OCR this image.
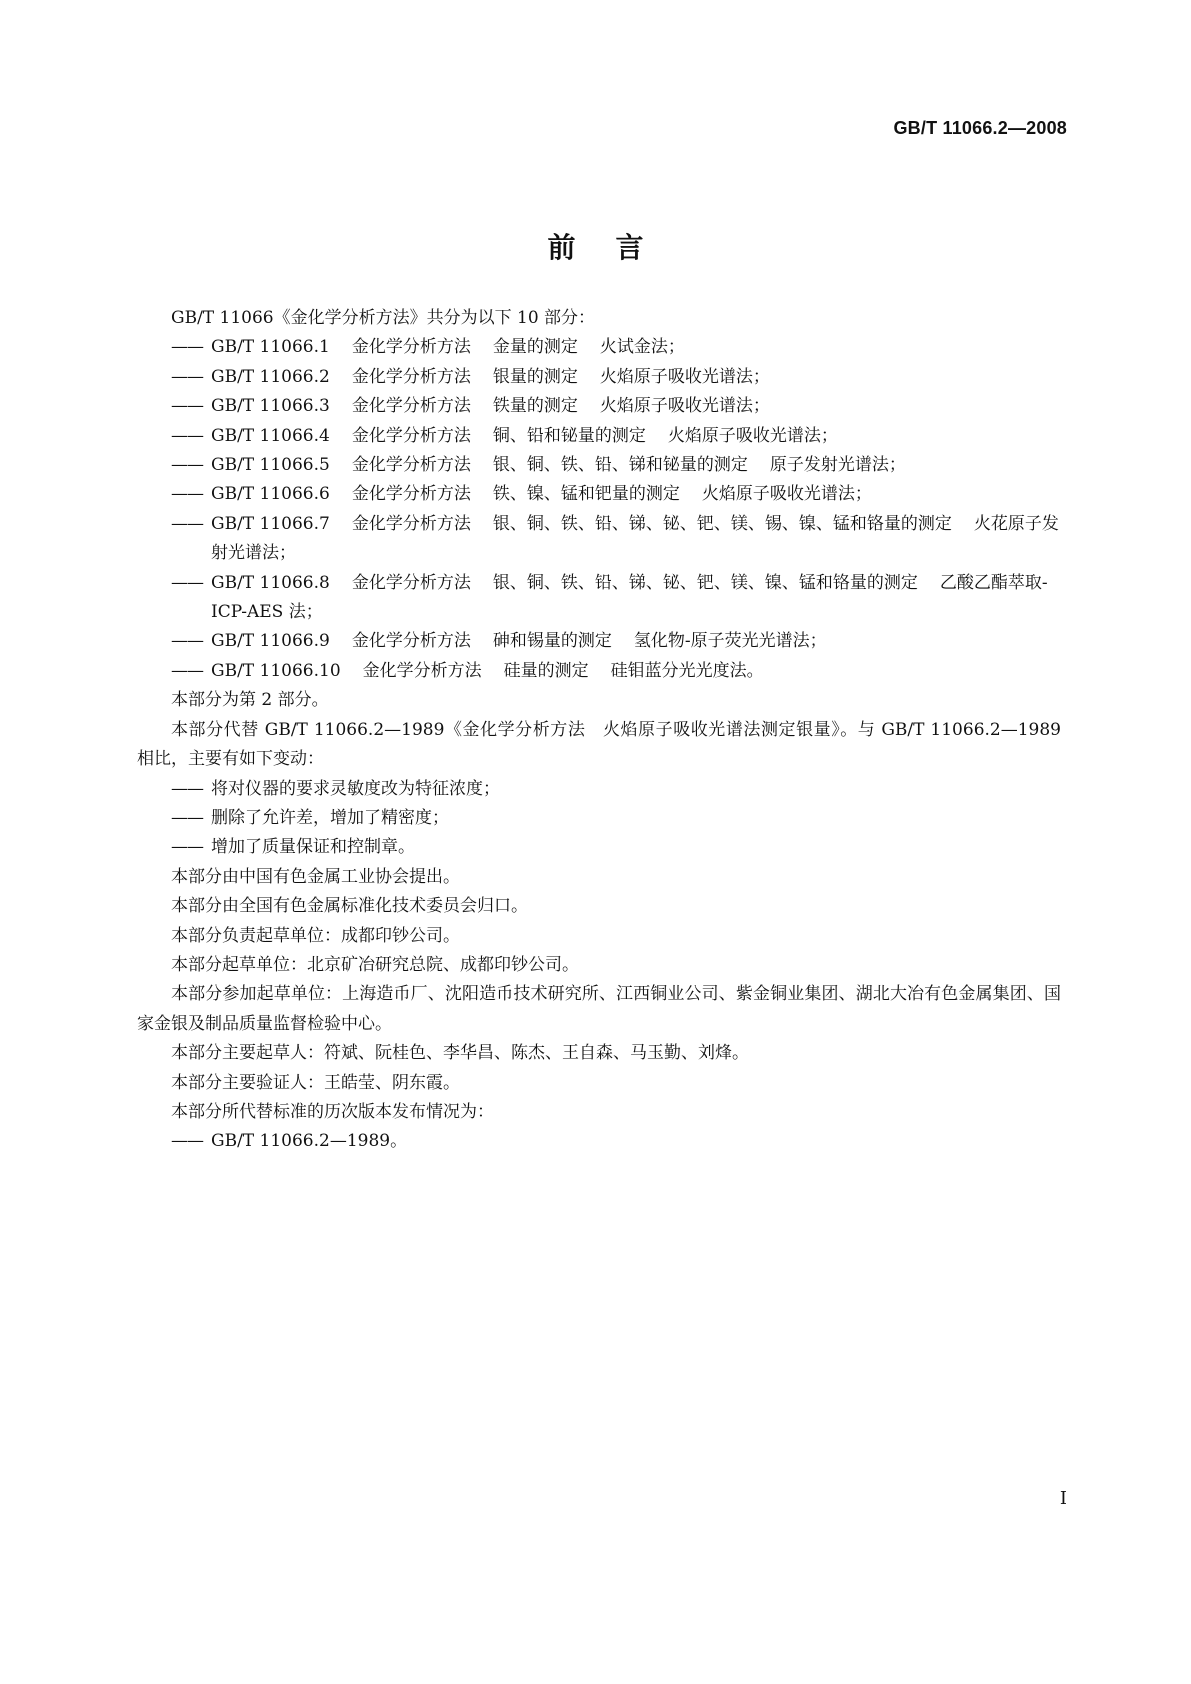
GB/T 11066.2—2008
前言

GB/T 11066《金化学分析方法》共分为以下 10 部分：

—— GB/T 11066.1 金化学分析方法 金量的测定 火试金法；

—— GB/T 11066.2 金化学分析方法 银量的测定 火焰原子吸收光谱法；

—— GB/T 11066.3 金化学分析方法 铁量的测定 火焰原子吸收光谱法；

—— GB/T 11066.4 金化学分析方法 铜、铅和铋量的测定 火焰原子吸收光谱法；

—— GB/T 11066.5 金化学分析方法 银、铜、铁、铅、锑和铋量的测定 原子发射光谱法；

—— GB/T 11066.6 金化学分析方法 铁、镍、锰和钯量的测定 火焰原子吸收光谱法；

—— GB/T 11066.7 金化学分析方法 银、铜、铁、铅、锑、铋、钯、镁、锡、镍、锰和铬量的测定 火花原子发射光谱法；

—— GB/T 11066.8 金化学分析方法 银、铜、铁、铅、锑、铋、钯、镁、镍、锰和铬量的测定 乙酸乙酯萃取-ICP-AES 法；

—— GB/T 11066.9 金化学分析方法 砷和锡量的测定 氢化物-原子荧光光谱法；

—— GB/T 11066.10 金化学分析方法 硅量的测定 硅钼蓝分光光度法。

本部分为第 2 部分。

本部分代替 GB/T 11066.2—1989《金化学分析方法　火焰原子吸收光谱法测定银量》。与 GB/T 11066.2—1989 相比，主要有如下变动：

—— 将对仪器的要求灵敏度改为特征浓度；

—— 删除了允许差，增加了精密度；

—— 增加了质量保证和控制章。

本部分由中国有色金属工业协会提出。

本部分由全国有色金属标准化技术委员会归口。

本部分负责起草单位：成都印钞公司。

本部分起草单位：北京矿冶研究总院、成都印钞公司。

本部分参加起草单位：上海造币厂、沈阳造币技术研究所、江西铜业公司、紫金铜业集团、湖北大冶有色金属集团、国家金银及制品质量监督检验中心。

本部分主要起草人：符斌、阮桂色、李华昌、陈杰、王自森、马玉勤、刘烽。

本部分主要验证人：王皓莹、阴东霞。

本部分所代替标准的历次版本发布情况为：

—— GB/T 11066.2—1989。

I
